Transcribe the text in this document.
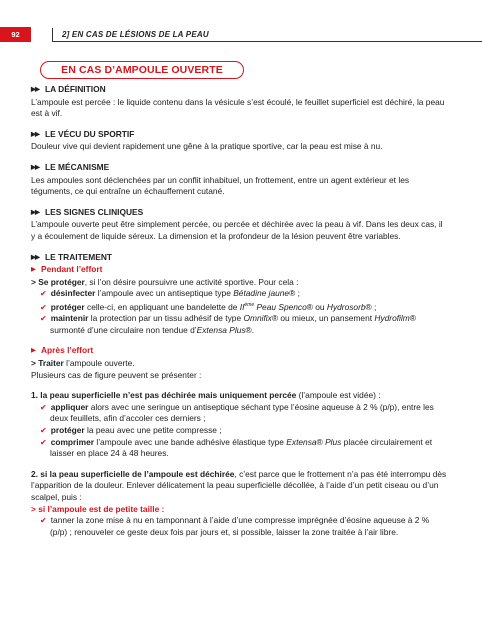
92	2] EN CAS DE LÉSIONS DE LA PEAU
EN CAS D’AMPOULE OUVERTE

▶▶ LA DÉFINITION

L’ampoule est percée : le liquide contenu dans la vésicule s’est écoulé, le feuillet superficiel est déchiré, la peau est à vif.

▶▶ LE VÉCU DU SPORTIF

Douleur vive qui devient rapidement une gêne à la pratique sportive, car la peau est mise à nu.

▶▶ LE MÉCANISME

Les ampoules sont déclenchées par un conflit inhabituel, un frottement, entre un agent extérieur et les téguments, ce qui entraîne un échauffement cutané.

▶▶ LES SIGNES CLINIQUES

L’ampoule ouverte peut être simplement percée, ou percée et déchirée avec la peau à vif. Dans les deux cas, il y a écoulement de liquide séreux. La dimension et la profondeur de la lésion peuvent être variables.

▶▶ LE TRAITEMENT

▶ Pendant l’effort

> Se protéger, si l’on désire poursuivre une activité sportive. Pour cela :

✔ désinfecter l’ampoule avec un antiseptique type Bétadine jaune® ;

✔ protéger celle-ci, en appliquant une bandelette de IIème Peau Spenco® ou Hydrosorb® ;

✔ maintenir la protection par un tissu adhésif de type Omnifix® ou mieux, un pansement Hydrofilm® surmonté d’une circulaire non tendue d’Extensa Plus®.

▶ Après l’effort

> Traiter l’ampoule ouverte.

Plusieurs cas de figure peuvent se présenter :

1. la peau superficielle n’est pas déchirée mais uniquement percée (l’ampoule est vidée) :

✔ appliquer alors avec une seringue un antiseptique séchant type l’éosine aqueuse à 2 % (p/p), entre les deux feuillets, afin d’accoler ces derniers ;

✔ protéger la peau avec une petite compresse ;

✔ comprimer l’ampoule avec une bande adhésive élastique type Extensa® Plus placée circulairement et laisser en place 24 à 48 heures.

2. si la peau superficielle de l’ampoule est déchirée, c’est parce que le frottement n’a pas été interrompu dès l’apparition de la douleur. Enlever délicatement la peau superficielle décollée, à l’aide d’un petit ciseau ou d’un scalpel, puis :

> si l’ampoule est de petite taille :

✔ tanner la zone mise à nu en tamponnant à l’aide d’une compresse imprégnée d’éosine aqueuse à 2 % (p/p) ; renouveler ce geste deux fois par jours et, si possible, laisser la zone traitée à l’air libre.
